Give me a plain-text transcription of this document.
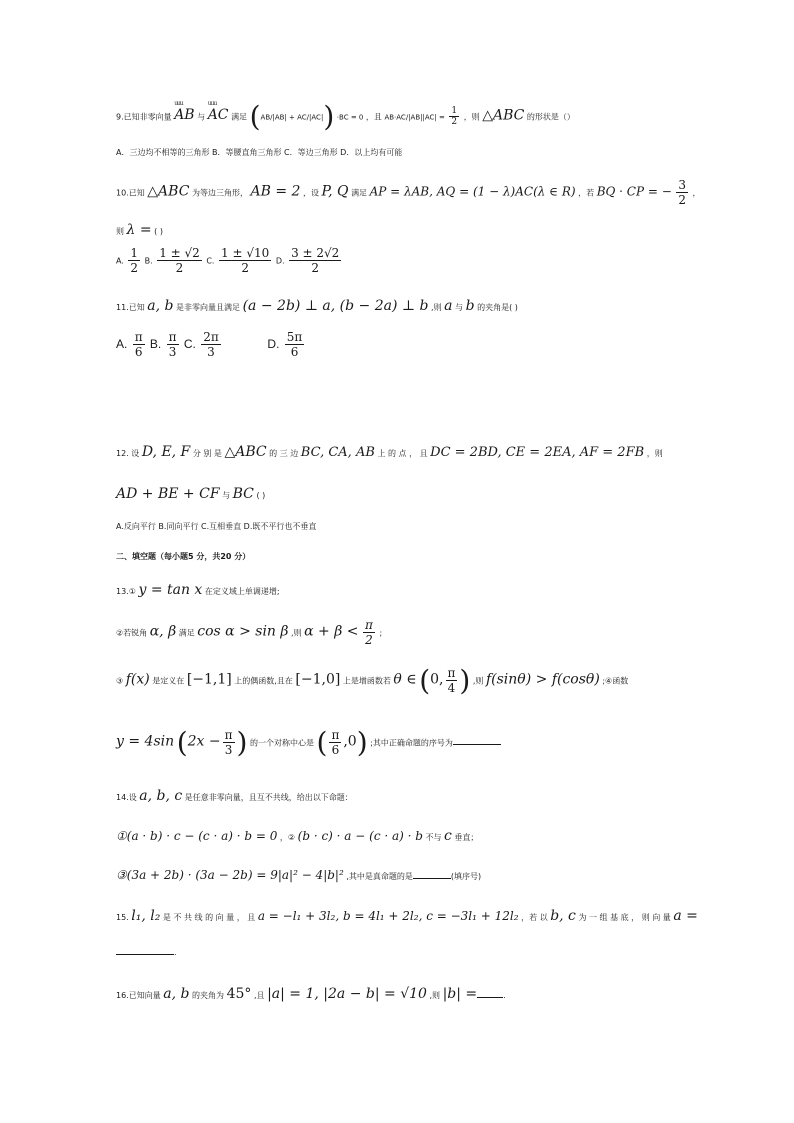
9.已知非零向量 uuu AB 与 uuu AC 满足 (AB/|AB| + AC/|AC|) ·BC = 0 ，且 $AB\cdot AC/|AB||AC| = \frac{1}{2}$ ，则 △ABC 的形状是（）
A．三边均不相等的三角形 B．等腰直角三角形 C．等边三角形 D．以上均有可能
10.已知 △ABC 为等边三角形， AB = 2 ，设 P, Q 满足 AP = λAB, AQ = (1 − λ)AC(λ ∈ R) ，若 BQ · CP = − $\frac{3}{2}$ ，
则 λ = ( )
A. $\frac{1}{2} B$. $\frac{1 \pm √2}{2} C$. $\frac{1 \pm √10}{2} D$. $\frac{3 \pm 2√2}{2}$
11.已知 a, b 是非零向量且满足 (a − 2b) ⊥ a, (b − 2a) ⊥ b ,则 a 与 b 的夹角是( )
A. $\frac{\pi}{6} B$. $\frac{\pi}{3} C$. $\frac{2\pi}{3}$	D. $\frac{5\pi}{6}$
12. 设 D, E, F 分 别 是 △ABC 的 三 边 BC, CA, AB 上 的 点 ， 且 DC = 2BD, CE = 2EA, AF = 2FB ，则
AD + BE + CF 与 BC ( )
A.反向平行 B.同向平行 C.互相垂直 D.既不平行也不垂直
二、填空题（每小题5 分，共20 分）
13.① y = tan x 在定义域上单调递增;
②若锐角 α, β 满足 cos α > sin β ,则 $\alpha + \beta < \frac{\pi}{2}$ ;
③ f(x) 是定义在 [−1,1] 上的偶函数,且在 [−1,0] 上是增函数若 θ ∈ (0, $\frac{\pi}{4}$ ) ,则 f(sinθ) > f(cosθ) ;④函数
y = 4sin ($2x - \frac{\pi}{3}$ ) 的一个对称中心是 ( $\frac{\pi}{6} ,0$) ;其中正确命题的序号为
14.设 a, b, c 是任意非零向量，且互不共线，给出以下命题：
①(a · b) · c − (c · a) · b = 0 ，② (b · c) · a − (c · a) · b 不与 c 垂直；
③(3a + 2b) · (3a − 2b) = 9|a|² − 4|b|² ,其中是真命题的是	(填序号)
15. l₁, l₂ 是 不 共 线 的 向 量 ， 且 a = −l₁ + 3l₂, b = 4l₁ + 2l₂, c = −3l₁ + 12l₂ ，若 以 b, c 为 一 组 基 底 ， 则 向 量 a =
.
16.已知向量 a, b 的夹角为 45° ,且 |a| = 1, |2a − b| = √10 ,则 |b| =	.
